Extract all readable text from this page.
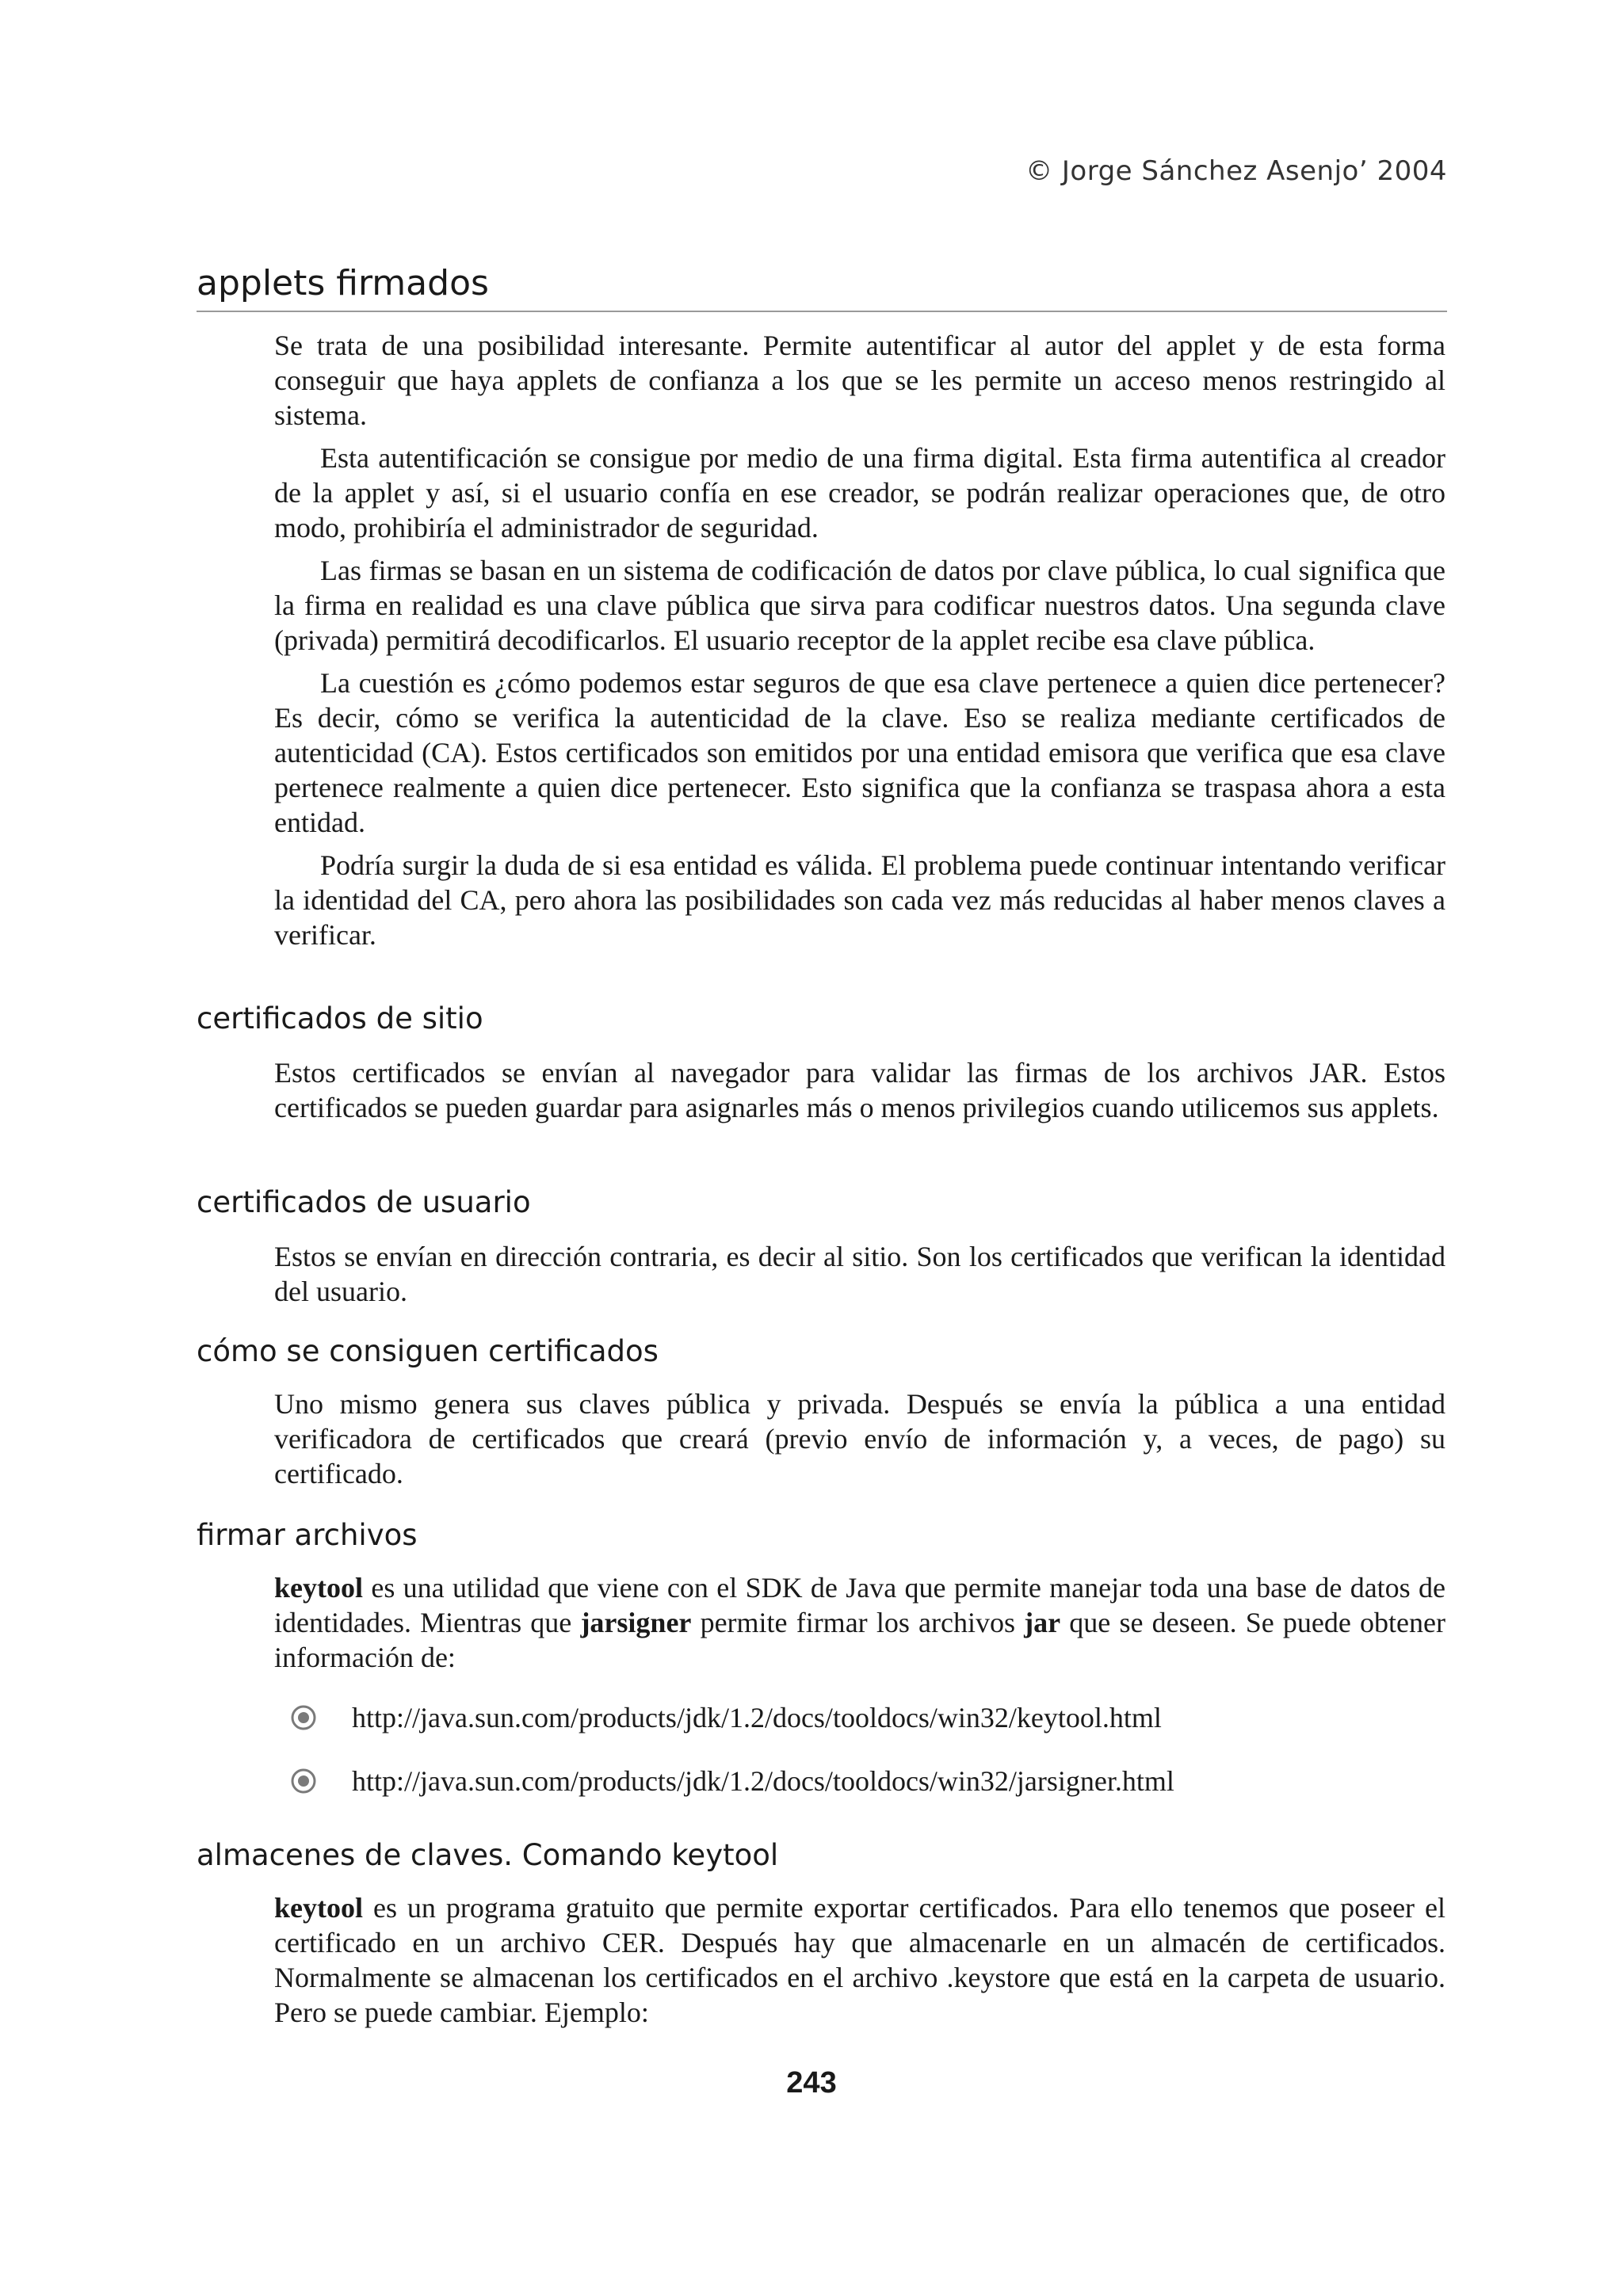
© Jorge Sánchez Asenjo’ 2004
applets firmados

Se trata de una posibilidad interesante. Permite autentificar al autor del applet y de esta forma conseguir que haya applets de confianza a los que se les permite un acceso menos restringido al sistema.

Esta autentificación se consigue por medio de una firma digital. Esta firma autentifica al creador de la applet y así, si el usuario confía en ese creador, se podrán realizar operaciones que, de otro modo, prohibiría el administrador de seguridad.

Las firmas se basan en un sistema de codificación de datos por clave pública, lo cual significa que la firma en realidad es una clave pública que sirva para codificar nuestros datos. Una segunda clave (privada) permitirá decodificarlos. El usuario receptor de la applet recibe esa clave pública.

La cuestión es ¿cómo podemos estar seguros de que esa clave pertenece a quien dice pertenecer? Es decir, cómo se verifica la autenticidad de la clave. Eso se realiza mediante certificados de autenticidad (CA). Estos certificados son emitidos por una entidad emisora que verifica que esa clave pertenece realmente a quien dice pertenecer. Esto significa que la confianza se traspasa ahora a esta entidad.

Podría surgir la duda de si esa entidad es válida. El problema puede continuar intentando verificar la identidad del CA, pero ahora las posibilidades son cada vez más reducidas al haber menos claves a verificar.

certificados de sitio

Estos certificados se envían al navegador para validar las firmas de los archivos JAR. Estos certificados se pueden guardar para asignarles más o menos privilegios cuando utilicemos sus applets.

certificados de usuario

Estos se envían en dirección contraria, es decir al sitio. Son los certificados que verifican la identidad del usuario.

cómo se consiguen certificados

Uno mismo genera sus claves pública y privada. Después se envía la pública a una entidad verificadora de certificados que creará (previo envío de información y, a veces, de pago) su certificado.

firmar archivos

keytool es una utilidad que viene con el SDK de Java que permite manejar toda una base de datos de identidades. Mientras que jarsigner permite firmar los archivos jar que se deseen. Se puede obtener información de:

http://java.sun.com/products/jdk/1.2/docs/tooldocs/win32/keytool.html
http://java.sun.com/products/jdk/1.2/docs/tooldocs/win32/jarsigner.html
almacenes de claves. Comando keytool

keytool es un programa gratuito que permite exportar certificados. Para ello tenemos que poseer el certificado en un archivo CER. Después hay que almacenarle en un almacén de certificados. Normalmente se almacenan los certificados en el archivo .keystore que está en la carpeta de usuario. Pero se puede cambiar. Ejemplo:

243
